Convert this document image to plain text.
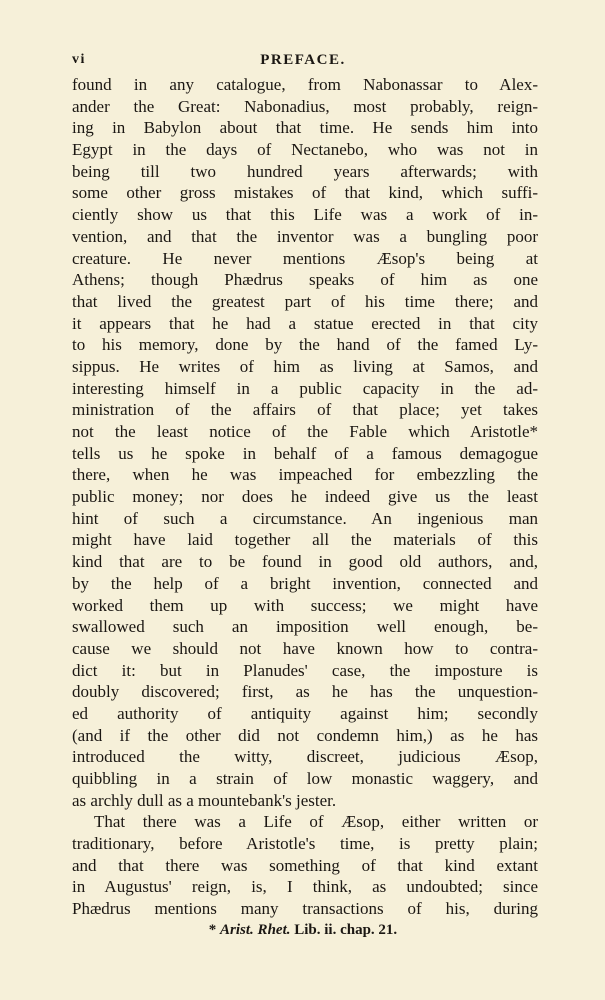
vi	PREFACE.
found in any catalogue, from Nabonassar to Alex-
ander the Great: Nabonadius, most probably, reign-
ing in Babylon about that time. He sends him into
Egypt in the days of Nectanebo, who was not in
being till two hundred years afterwards; with
some other gross mistakes of that kind, which suffi-
ciently show us that this Life was a work of in-
vention, and that the inventor was a bungling poor
creature. He never mentions Æsop's being at
Athens; though Phædrus speaks of him as one
that lived the greatest part of his time there; and
it appears that he had a statue erected in that city
to his memory, done by the hand of the famed Ly-
sippus. He writes of him as living at Samos, and
interesting himself in a public capacity in the ad-
ministration of the affairs of that place; yet takes
not the least notice of the Fable which Aristotle*
tells us he spoke in behalf of a famous demagogue
there, when he was impeached for embezzling the
public money; nor does he indeed give us the least
hint of such a circumstance. An ingenious man
might have laid together all the materials of this
kind that are to be found in good old authors, and,
by the help of a bright invention, connected and
worked them up with success; we might have
swallowed such an imposition well enough, be-
cause we should not have known how to contra-
dict it: but in Planudes' case, the imposture is
doubly discovered; first, as he has the unquestion-
ed authority of antiquity against him; secondly
(and if the other did not condemn him,) as he has
introduced the witty, discreet, judicious Æsop,
quibbling in a strain of low monastic waggery, and
as archly dull as a mountebank's jester.
That there was a Life of Æsop, either written or
traditionary, before Aristotle's time, is pretty plain;
and that there was something of that kind extant
in Augustus' reign, is, I think, as undoubted; since
Phædrus mentions many transactions of his, during
* Arist. Rhet. Lib. ii. chap. 21.
